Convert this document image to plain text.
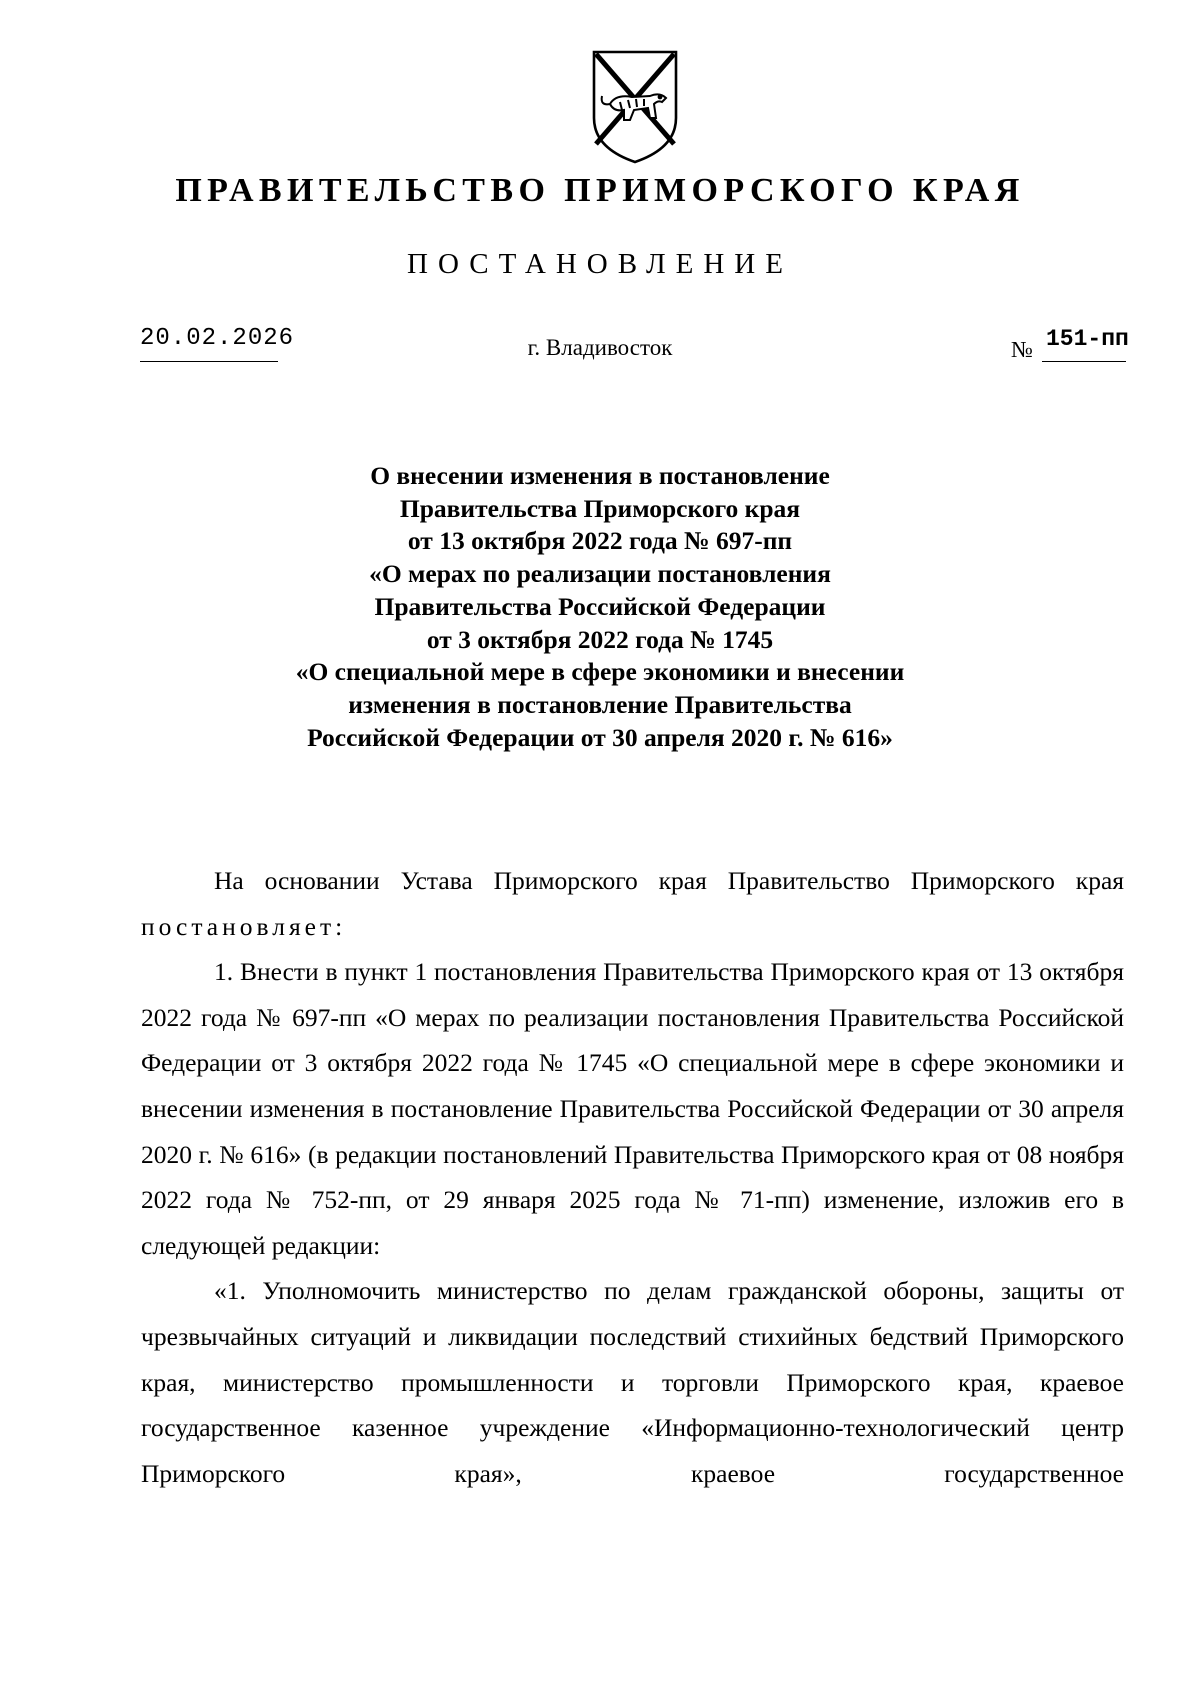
ПРАВИТЕЛЬСТВО ПРИМОРСКОГО КРАЯ
ПОСТАНОВЛЕНИЕ
20.02.2026	г. Владивосток	№ 151-пп
О внесении изменения в постановление
Правительства Приморского края
от 13 октября 2022 года № 697-пп
«О мерах по реализации постановления
Правительства Российской Федерации
от 3 октября 2022 года № 1745
«О специальной мере в сфере экономики и внесении
изменения в постановление Правительства
Российской Федерации от 30 апреля 2020 г. № 616»

На основании Устава Приморского края Правительство Приморского края постановляет:

1. Внести в пункт 1 постановления Правительства Приморского края от 13 октября 2022 года № 697-пп «О мерах по реализации постановления Правительства Российской Федерации от 3 октября 2022 года № 1745 «О специальной мере в сфере экономики и внесении изменения в постановление Правительства Российской Федерации от 30 апреля 2020 г. № 616» (в редакции постановлений Правительства Приморского края от 08 ноября 2022 года № 752-пп, от 29 января 2025 года № 71-пп) изменение, изложив его в следующей редакции:

«1. Уполномочить министерство по делам гражданской обороны, защиты от чрезвычайных ситуаций и ликвидации последствий стихийных бедствий Приморского края, министерство промышленности и торговли Приморского края, краевое государственное казенное учреждение «Информационно-технологический центр Приморского края», краевое государственное
